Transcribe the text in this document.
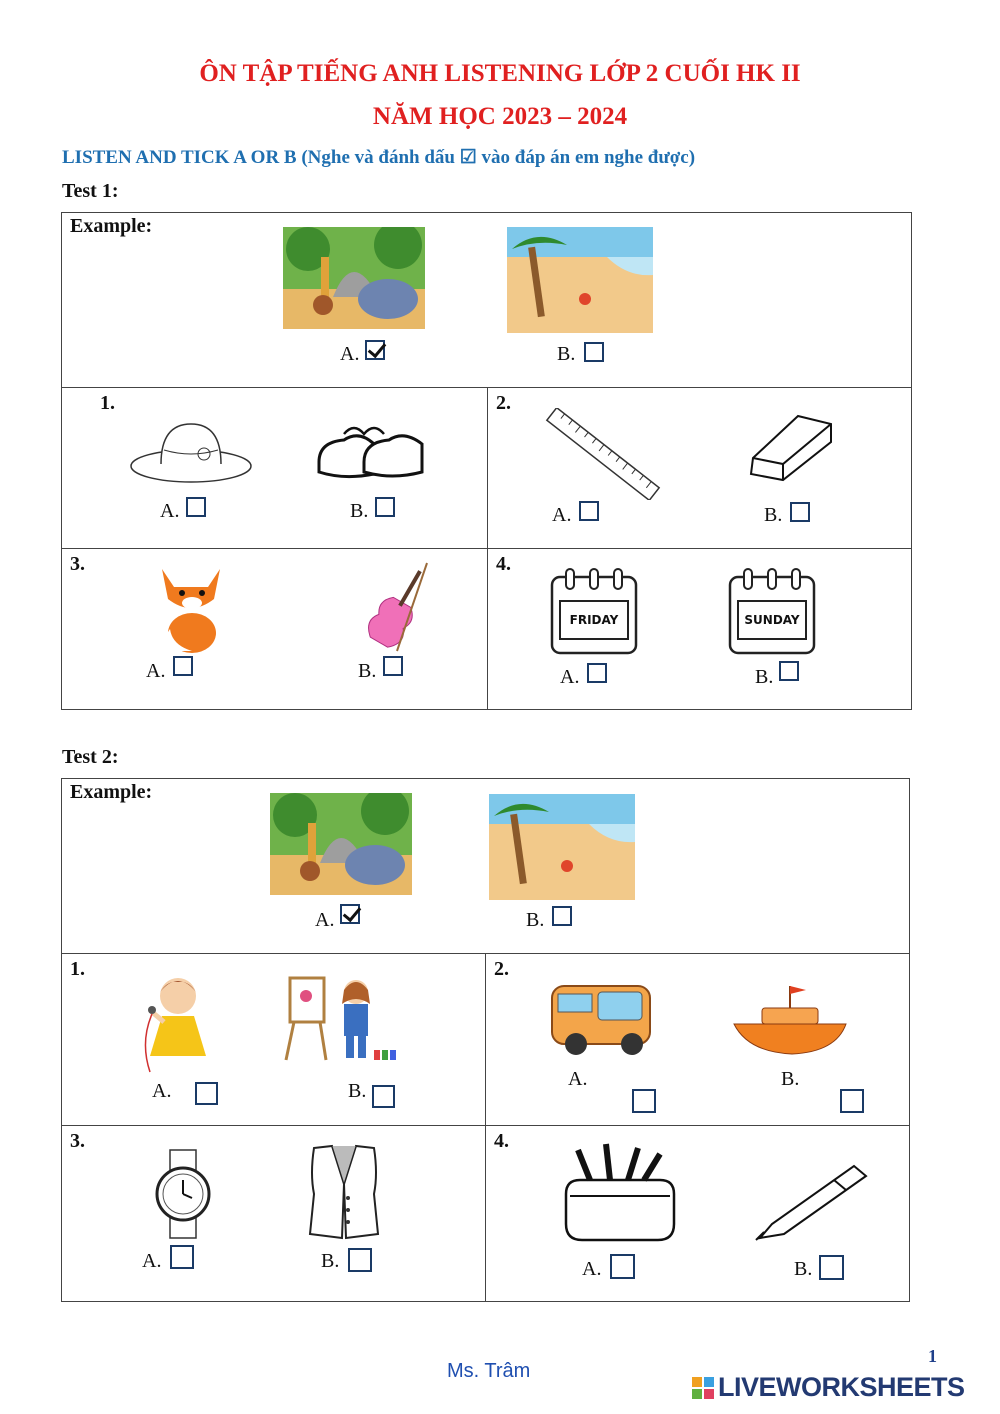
ÔN TẬP TIẾNG ANH LISTENING LỚP 2 CUỐI HK II
NĂM HỌC 2023 – 2024
LISTEN AND TICK A OR B (Nghe và đánh dấu ☑ vào đáp án em nghe được)
Test 1:
Example:
A.	B.
1.
A.	B.
2.
A.	B.
3.
A.	B.
4.
FRIDAY	SUNDAY
A.	B.
Test 2:
Example:
A.	B.
1.
A.	B.
2.
A.	B.
3.
A.	B.
4.
A.	B.
1
Ms. Trâm
LIVEWORKSHEETS
